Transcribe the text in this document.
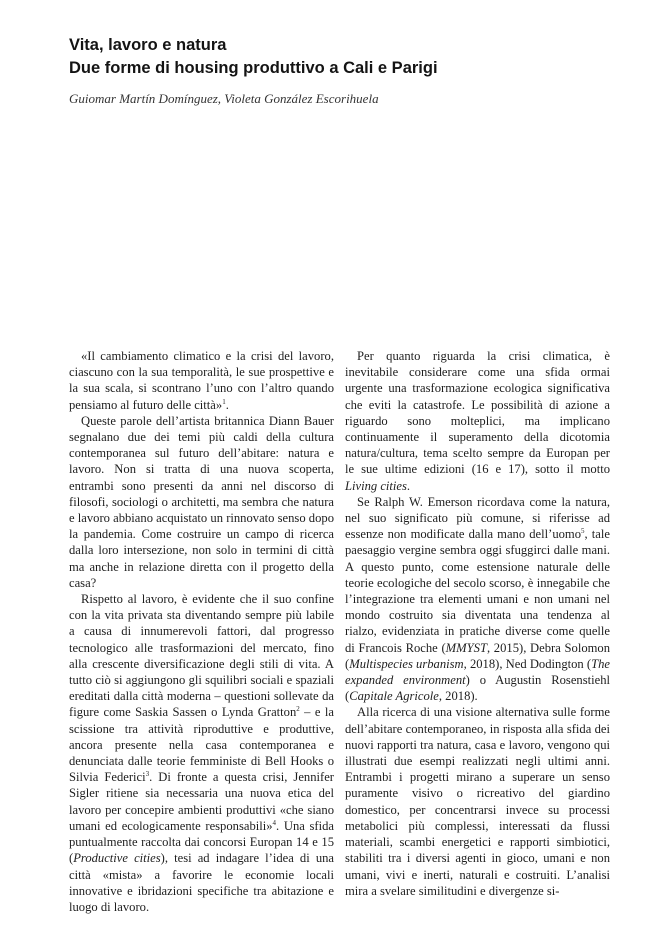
Vita, lavoro e natura
Due forme di housing produttivo a Cali e Parigi
Guiomar Martín Domínguez, Violeta González Escorihuela

«Il cambiamento climatico e la crisi del lavoro, ciascuno con la sua temporalità, le sue prospettive e la sua scala, si scontrano l’uno con l’altro quando pensiamo al futuro delle città»$^1$.

Queste parole dell’artista britannica Diann Bauer segnalano due dei temi più caldi della cultura contemporanea sul futuro dell’abitare: natura e lavoro. Non si tratta di una nuova scoperta, entrambi sono presenti da anni nel discorso di filosofi, sociologi o architetti, ma sembra che natura e lavoro abbiano acquistato un rinnovato senso dopo la pandemia. Come costruire un campo di ricerca dalla loro intersezione, non solo in termini di città ma anche in relazione diretta con il progetto della casa?

Rispetto al lavoro, è evidente che il suo confine con la vita privata sta diventando sempre più labile a causa di innumerevoli fattori, dal progresso tecnologico alle trasformazioni del mercato, fino alla crescente diversificazione degli stili di vita. A tutto ciò si aggiungono gli squilibri sociali e spaziali ereditati dalla città moderna – questioni sollevate da figure come Saskia Sassen o Lynda Gratton$^2$ – e la scissione tra attività riproduttive e produttive, ancora presente nella casa contemporanea e denunciata dalle teorie femministe di Bell Hooks o Silvia Federici$^3$. Di fronte a questa crisi, Jennifer Sigler ritiene sia necessaria una nuova etica del lavoro per concepire ambienti produttivi «che siano umani ed ecologicamente responsabili»$^4$. Una sfida puntualmente raccolta dai concorsi Europan 14 e 15 (Productive cities), tesi ad indagare l’idea di una città «mista» a favorire le economie locali innovative e ibridazioni specifiche tra abitazione e luogo di lavoro.

Per quanto riguarda la crisi climatica, è inevitabile considerare come una sfida ormai urgente una trasformazione ecologica significativa che eviti la catastrofe. Le possibilità di azione a riguardo sono molteplici, ma implicano continuamente il superamento della dicotomia natura/cultura, tema scelto sempre da Europan per le sue ultime edizioni (16 e 17), sotto il motto Living cities.

Se Ralph W. Emerson ricordava come la natura, nel suo significato più comune, si riferisse ad essenze non modificate dalla mano dell’uomo$^5$, tale paesaggio vergine sembra oggi sfuggirci dalle mani. A questo punto, come estensione naturale delle teorie ecologiche del secolo scorso, è innegabile che l’integrazione tra elementi umani e non umani nel mondo costruito sia diventata una tendenza al rialzo, evidenziata in pratiche diverse come quelle di Francois Roche (MMYST, 2015), Debra Solomon (Multispecies urbanism, 2018), Ned Dodington (The expanded environment) o Augustin Rosenstiehl (Capitale Agricole, 2018).

Alla ricerca di una visione alternativa sulle forme dell’abitare contemporaneo, in risposta alla sfida dei nuovi rapporti tra natura, casa e lavoro, vengono qui illustrati due esempi realizzati negli ultimi anni. Entrambi i progetti mirano a superare un senso puramente visivo o ricreativo del giardino domestico, per concentrarsi invece su processi metabolici più complessi, interessati da flussi materiali, scambi energetici e rapporti simbiotici, stabiliti tra i diversi agenti in gioco, umani e non umani, vivi e inerti, naturali e costruiti. L’analisi mira a svelare similitudini e divergenze si-
